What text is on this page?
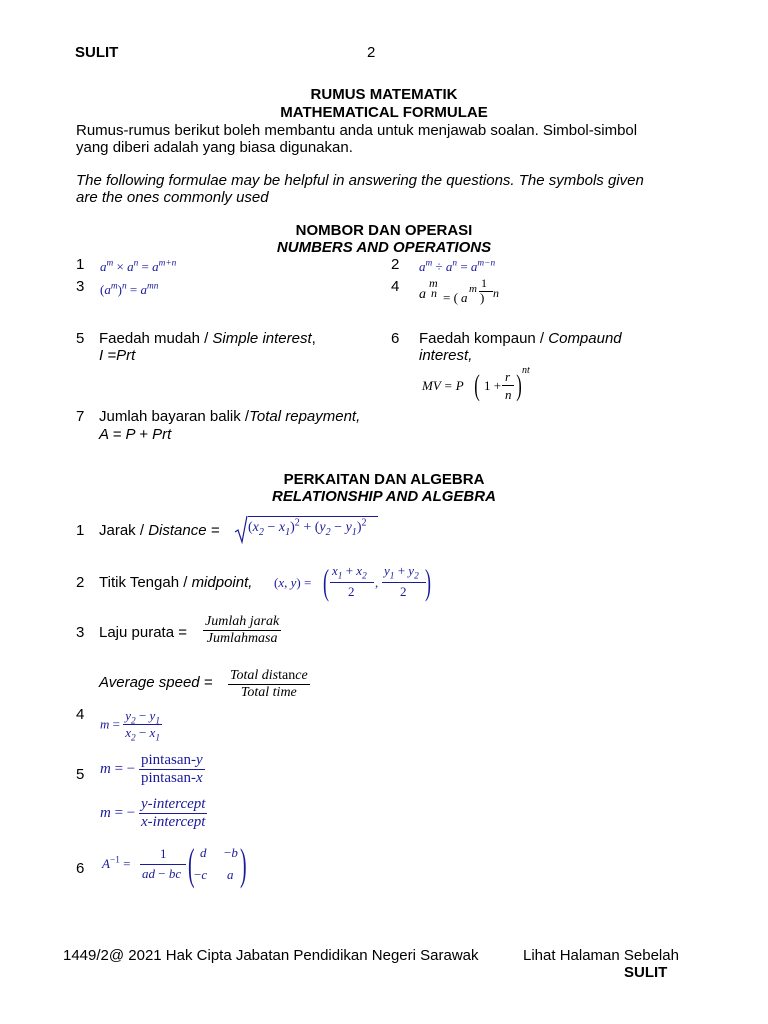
SULIT	2
RUMUS MATEMATIK
MATHEMATICAL FORMULAE
Rumus-rumus berikut boleh membantu anda untuk menjawab soalan. Simbol-simbol
yang diberi adalah yang biasa digunakan.
The following formulae may be helpful in answering the questions. The symbols given
are the ones commonly used
NOMBOR DAN OPERASI
NUMBERS AND OPERATIONS
1 $a^m \times a^n = a^{m+n}$	2 $a^m \div a^n = a^{m-n}$
3 $(a^m)^n = a^{mn}$	4 m	1
a n = ( a
m
) n
5 Faedah mudah / Simple interest,
I =Prt
6 Faedah kompaun / Compaund
interest,
MV = P ( 1 +
r
n ) nt
7 Jumlah bayaran balik /Total repayment,
A = P + Prt
PERKAITAN DAN ALGEBRA
RELATIONSHIP AND ALGEBRA
1 Jarak / Distance = $(x_2 - x_1)^2 + (y_2 - y_1)^2$
2 Titik Tengah / midpoint, (x, y) = ( $x_1 + x_2$
2
,
$y_1 + y_2$
2 )
3 Laju purata = $\frac{\text{Jumlah jarak}}{\text{Jumlahmasa}}$
Average speed = $\frac{\text{Total distance}}{\text{Total time}}$
4
$m = \frac{y_2 - y_1}{x_2 - x_1}$
5 m = − $\frac{\text{pintasan-y}}{\text{pintasan-x}}$
m = − $\frac{\text{y-intercept}}{\text{x-intercept}}$
6 $A^{-1}$ =
1
ad − bc ( d −b
−c a )
1449/2@ 2021 Hak Cipta Jabatan Pendidikan Negeri Sarawak	Lihat Halaman Sebelah
SULIT
